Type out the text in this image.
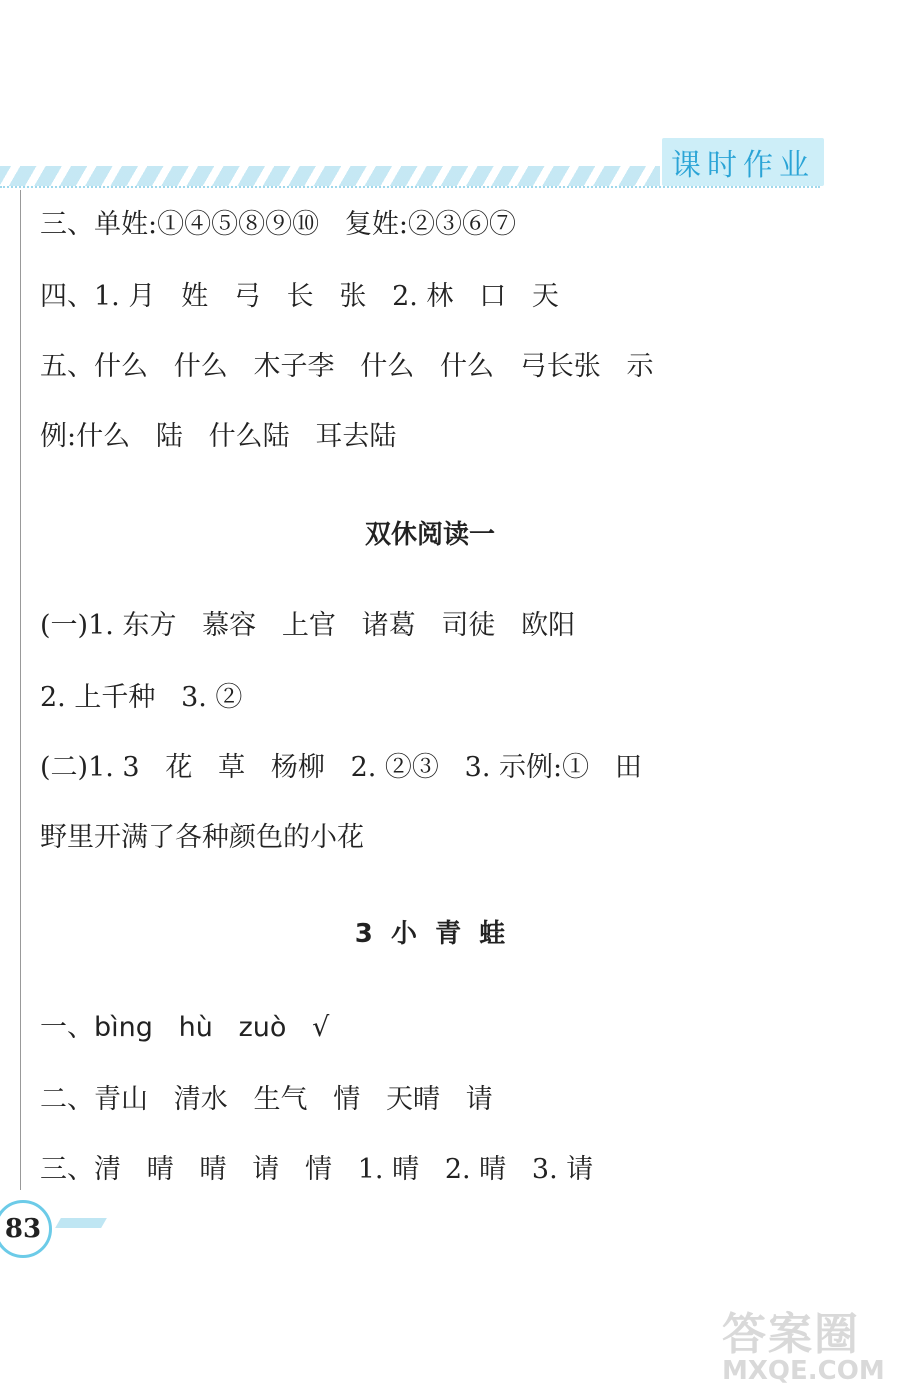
课时作业
三、单姓:①④⑤⑧⑨⑩   复姓:②③⑥⑦
四、1. 月   姓   弓   长   张   2. 林   口   天
五、什么   什么   木子李   什么   什么   弓长张   示
例:什么   陆   什么陆   耳去陆
双休阅读一
(一)1. 东方   慕容   上官   诸葛   司徒   欧阳
2. 上千种   3. ②
(二)1. 3   花   草   杨柳   2. ②③   3. 示例:①   田
野里开满了各种颜色的小花
3  小  青  蛙
一、bìng   hù   zuò   √
二、青山   清水   生气   情   天晴   请
三、清   晴   晴   请   情   1. 晴   2. 晴   3. 请
83
答案圈
MXQE.COM
